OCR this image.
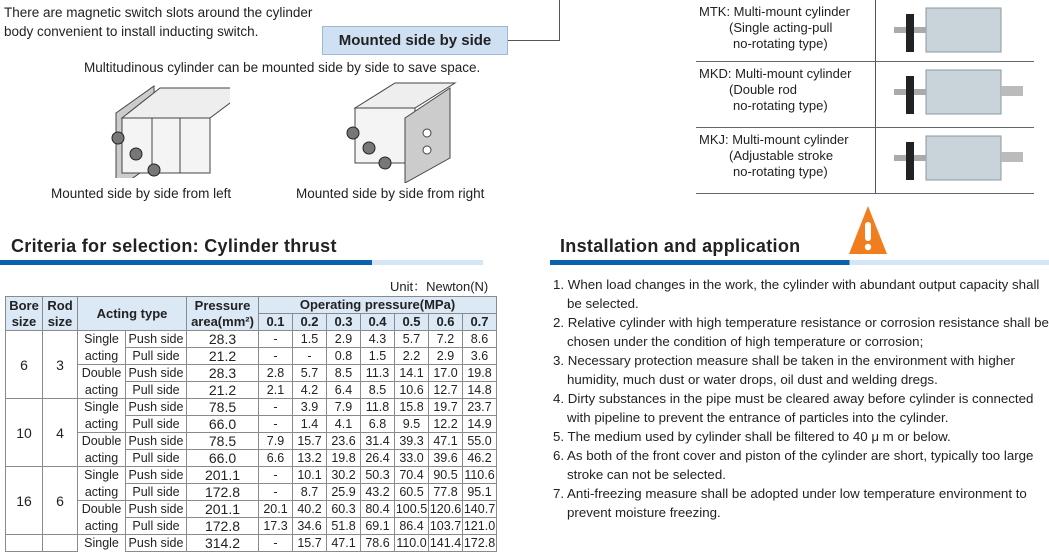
There are magnetic switch slots around the cylinder
body convenient to install inducting switch.
Mounted side by side
Multitudinous cylinder can be mounted side by side to save space.
Mounted side by side from left	Mounted side by side from right
MTK: Multi-mount cylinder
(Single acting-pull
no-rotating type)
MKD: Multi-mount cylinder
(Double rod
no-rotating type)
MKJ: Multi-mount cylinder
(Adjustable stroke
no-rotating type)
Criteria for selection: Cylinder thrust
Unit：Newton(N)
Bore size	Rod size	Acting type		Pressure area(mm²)	Operating pressure(MPa)						
					0.1	0.2	0.3	0.4	0.5	0.6	0.7
6	3	Single	Push side	28.3	-	1.5	2.9	4.3	5.7	7.2	8.6
		acting	Pull side	21.2	-	-	0.8	1.5	2.2	2.9	3.6
		Double	Push side	28.3	2.8	5.7	8.5	11.3	14.1	17.0	19.8
		acting	Pull side	21.2	2.1	4.2	6.4	8.5	10.6	12.7	14.8
10	4	Single	Push side	78.5	-	3.9	7.9	11.8	15.8	19.7	23.7
		acting	Pull side	66.0	-	1.4	4.1	6.8	9.5	12.2	14.9
		Double	Push side	78.5	7.9	15.7	23.6	31.4	39.3	47.1	55.0
		acting	Pull side	66.0	6.6	13.2	19.8	26.4	33.0	39.6	46.2
16	6	Single	Push side	201.1	-	10.1	30.2	50.3	70.4	90.5	110.6
		acting	Pull side	172.8	-	8.7	25.9	43.2	60.5	77.8	95.1
		Double	Push side	201.1	20.1	40.2	60.3	80.4	100.5	120.6	140.7
		acting	Pull side	172.8	17.3	34.6	51.8	69.1	86.4	103.7	121.0
		Single	Push side	314.2	-	15.7	47.1	78.6	110.0	141.4	172.8
Installation and application
1. When load changes in the work, the cylinder with abundant output capacity shall be selected.
2. Relative cylinder with high temperature resistance or corrosion resistance shall be chosen under the condition of high temperature or corrosion;
3. Necessary protection measure shall be taken in the environment with higher humidity, much dust or water drops, oil dust and welding dregs.
4. Dirty substances in the pipe must be cleared away before cylinder is connected with pipeline to prevent the entrance of particles into the cylinder.
5. The medium used by cylinder shall be filtered to 40 μ m or below.
6. As both of the front cover and piston of the cylinder are short, typically too large stroke can not be selected.
7. Anti-freezing measure shall be adopted under low temperature environment to prevent moisture freezing.
